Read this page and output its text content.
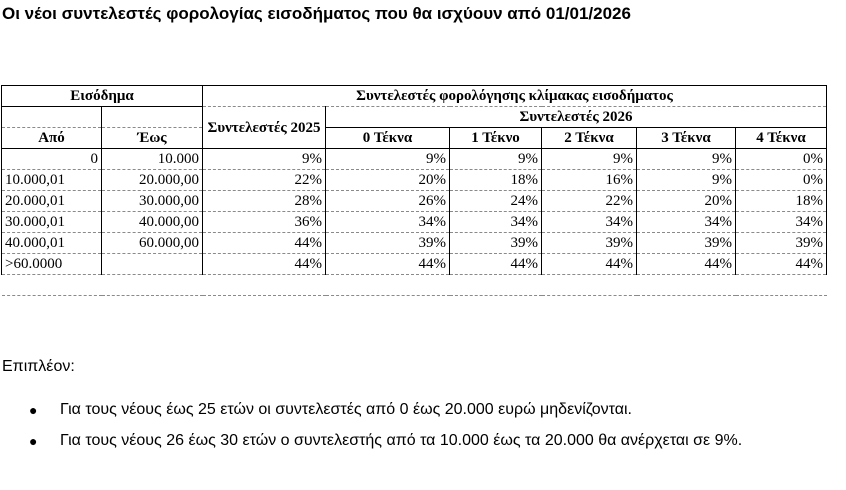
Οι νέοι συντελεστές φορολογίας εισοδήματος που θα ισχύουν από 01/01/2026
Εισόδημα		Συντελεστές φορολόγησης κλίμακας εισοδήματος					
		Συντελεστές 2025	Συντελεστές 2026				
Από	Έως		0 Τέκνα	1 Τέκνο	2 Τέκνα	3 Τέκνα	4 Τέκνα
0	10.000	9%	9%	9%	9%	9%	0%
10.000,01	20.000,00	22%	20%	18%	16%	9%	0%
20.000,01	30.000,00	28%	26%	24%	22%	20%	18%
30.000,01	40.000,00	36%	34%	34%	34%	34%	34%
40.000,01	60.000,00	44%	39%	39%	39%	39%	39%
>60.0000		44%	44%	44%	44%	44%	44%

Επιπλέον:
● Για τους νέους έως 25 ετών οι συντελεστές από 0 έως 20.000 ευρώ μηδενίζονται.
● Για τους νέους 26 έως 30 ετών ο συντελεστής από τα 10.000 έως τα 20.000 θα ανέρχεται σε 9%.
